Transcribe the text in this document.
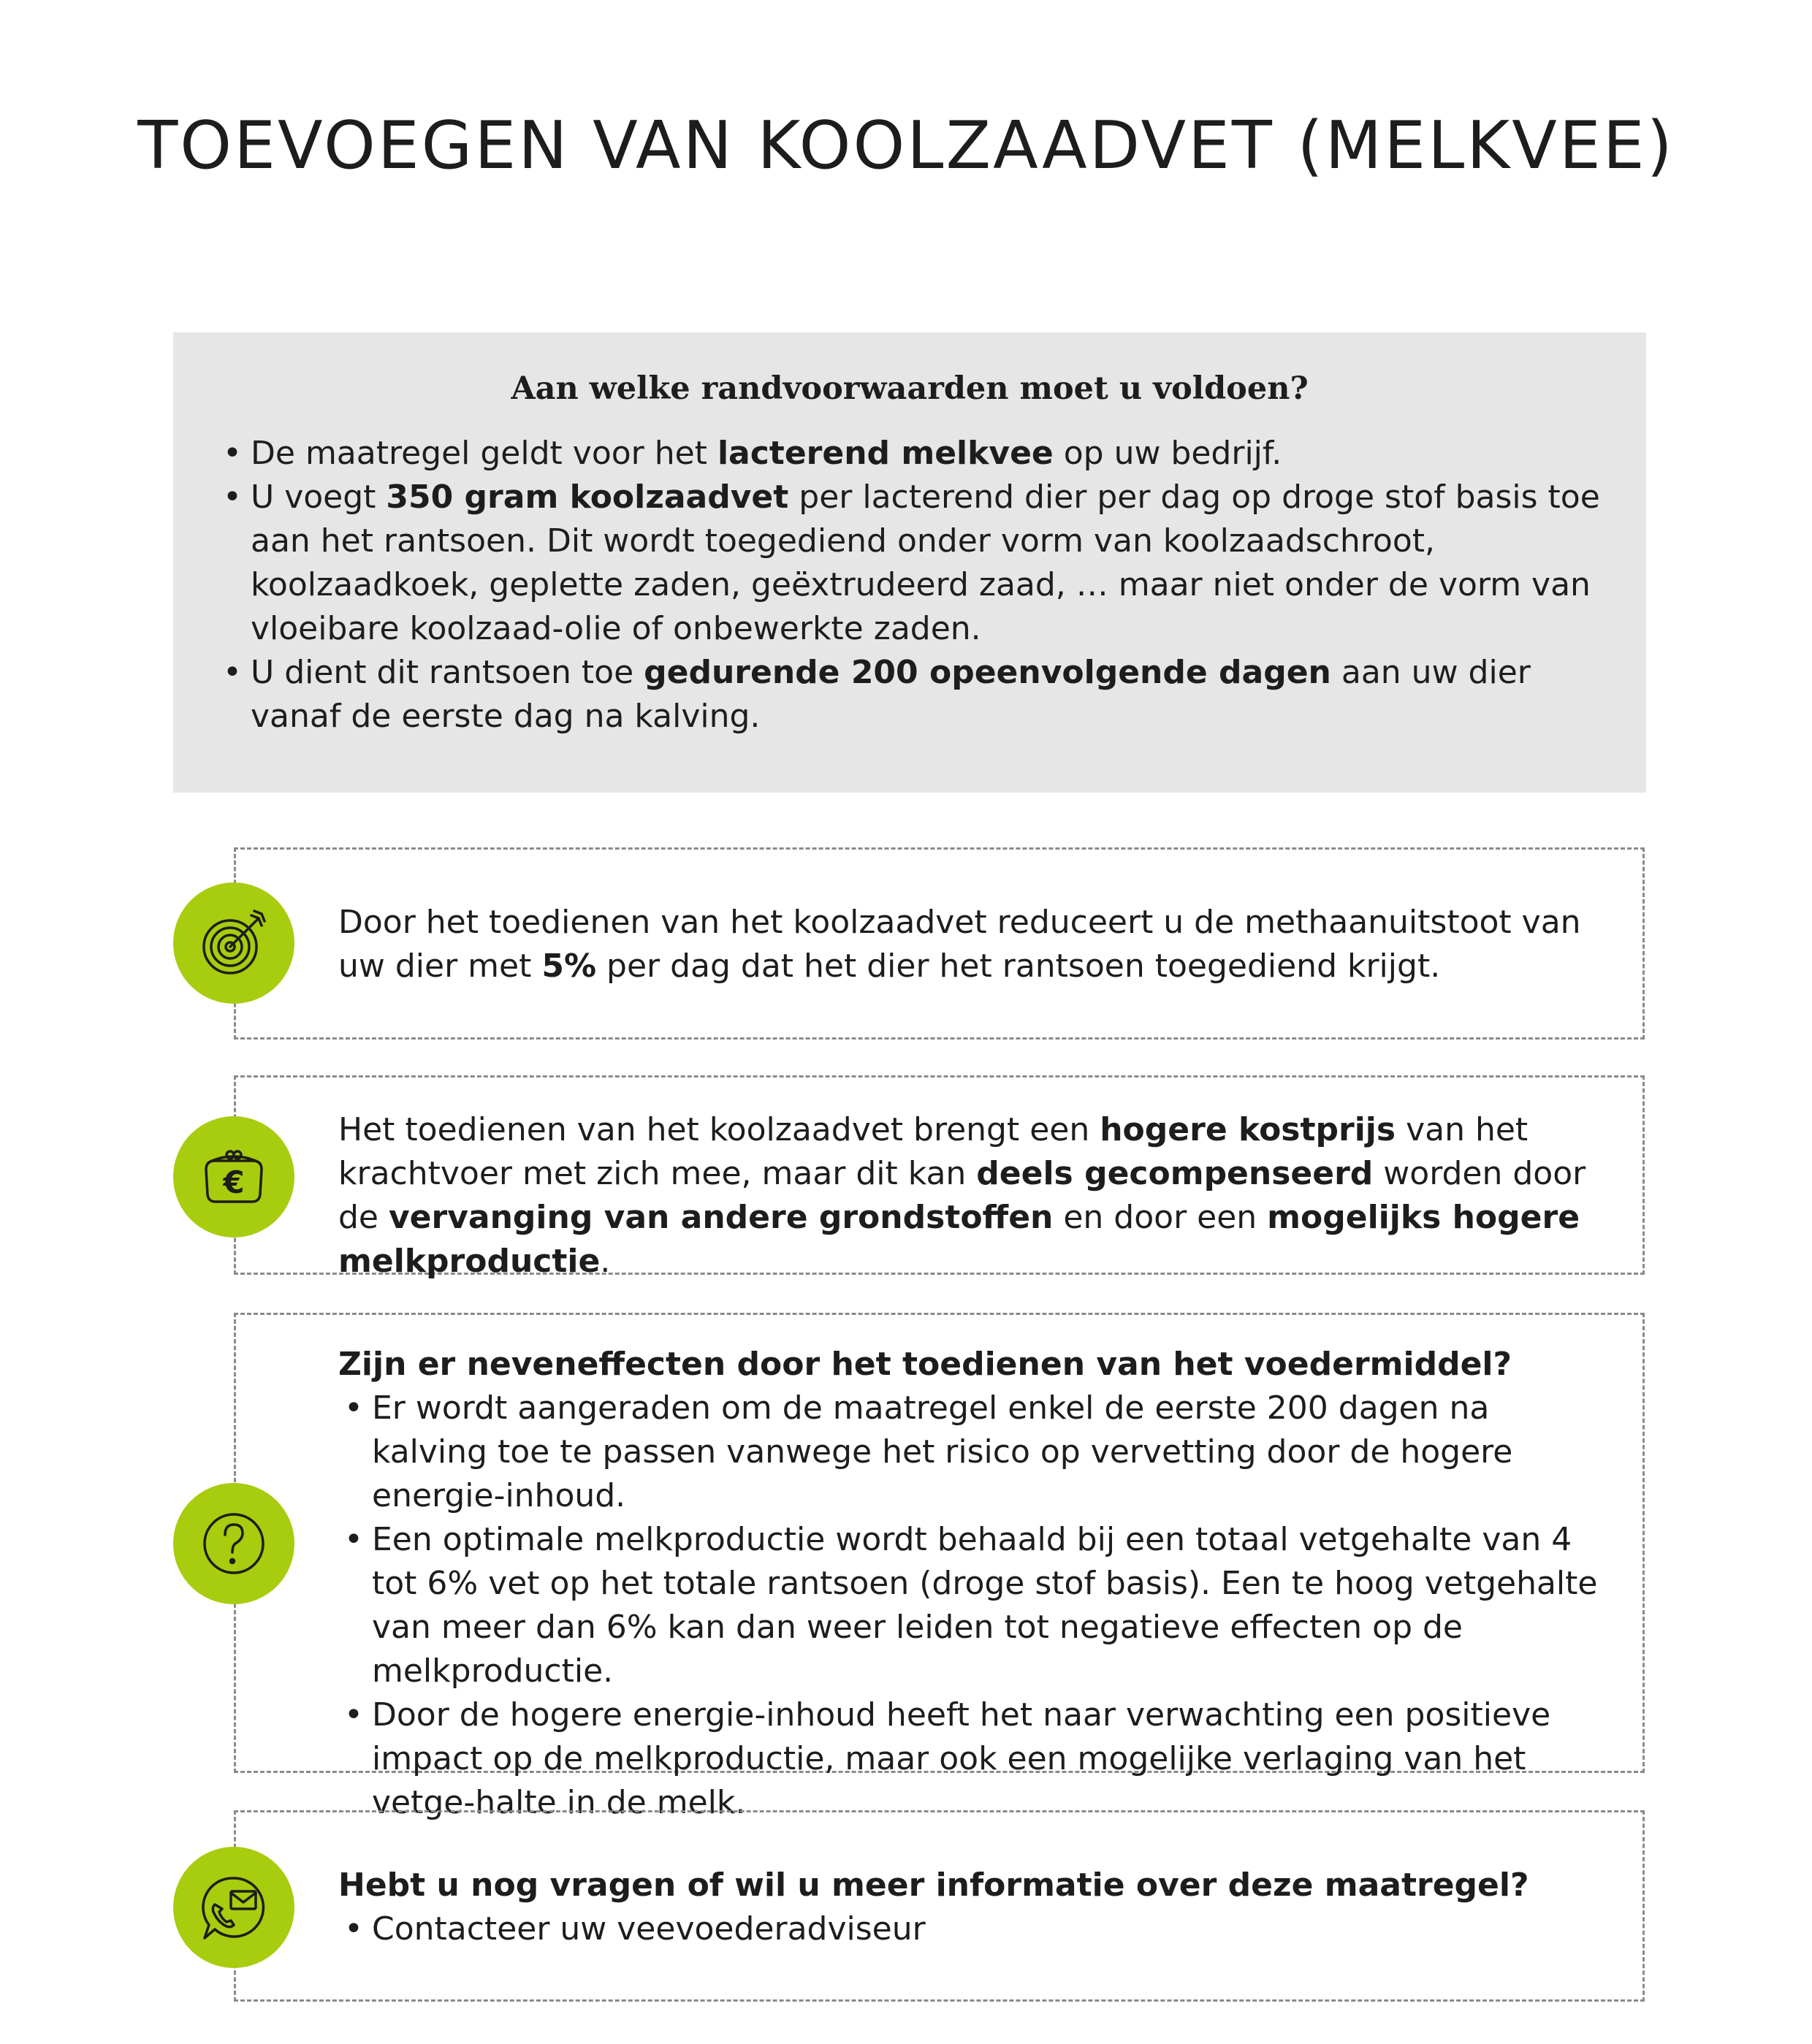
TOEVOEGEN VAN KOOLZAADVET (MELKVEE)
Aan welke randvoorwaarden moet u voldoen?
• De maatregel geldt voor het lacterend melkvee op uw bedrijf.
• U voegt 350 gram koolzaadvet per lacterend dier per dag op droge stof basis toe aan het rantsoen. Dit wordt toegediend onder vorm van koolzaadschroot, koolzaadkoek, geplette zaden, geëxtrudeerd zaad, … maar niet onder de vorm van vloeibare koolzaad-olie of onbewerkte zaden.
• U dient dit rantsoen toe gedurende 200 opeenvolgende dagen aan uw dier vanaf de eerste dag na kalving.

Door het toedienen van het koolzaadvet reduceert u de methaanuitstoot van uw dier met 5% per dag dat het dier het rantsoen toegediend krijgt.

Het toedienen van het koolzaadvet brengt een hogere kostprijs van het krachtvoer met zich mee, maar dit kan deels gecompenseerd worden door de vervanging van andere grondstoffen en door een mogelijks hogere melkproductie.

€
Zijn er neveneffecten door het toedienen van het voedermiddel?
• Er wordt aangeraden om de maatregel enkel de eerste 200 dagen na kalving toe te passen vanwege het risico op vervetting door de hogere energie-inhoud.
• Een optimale melkproductie wordt behaald bij een totaal vetgehalte van 4 tot 6% vet op het totale rantsoen (droge stof basis). Een te hoog vetgehalte van meer dan 6% kan dan weer leiden tot negatieve effecten op de melkproductie.
• Door de hogere energie-inhoud heeft het naar verwachting een positieve impact op de melkproductie, maar ook een mogelijke verlaging van het vetge-halte in de melk.
Hebt u nog vragen of wil u meer informatie over deze maatregel?
• Contacteer uw veevoederadviseur
